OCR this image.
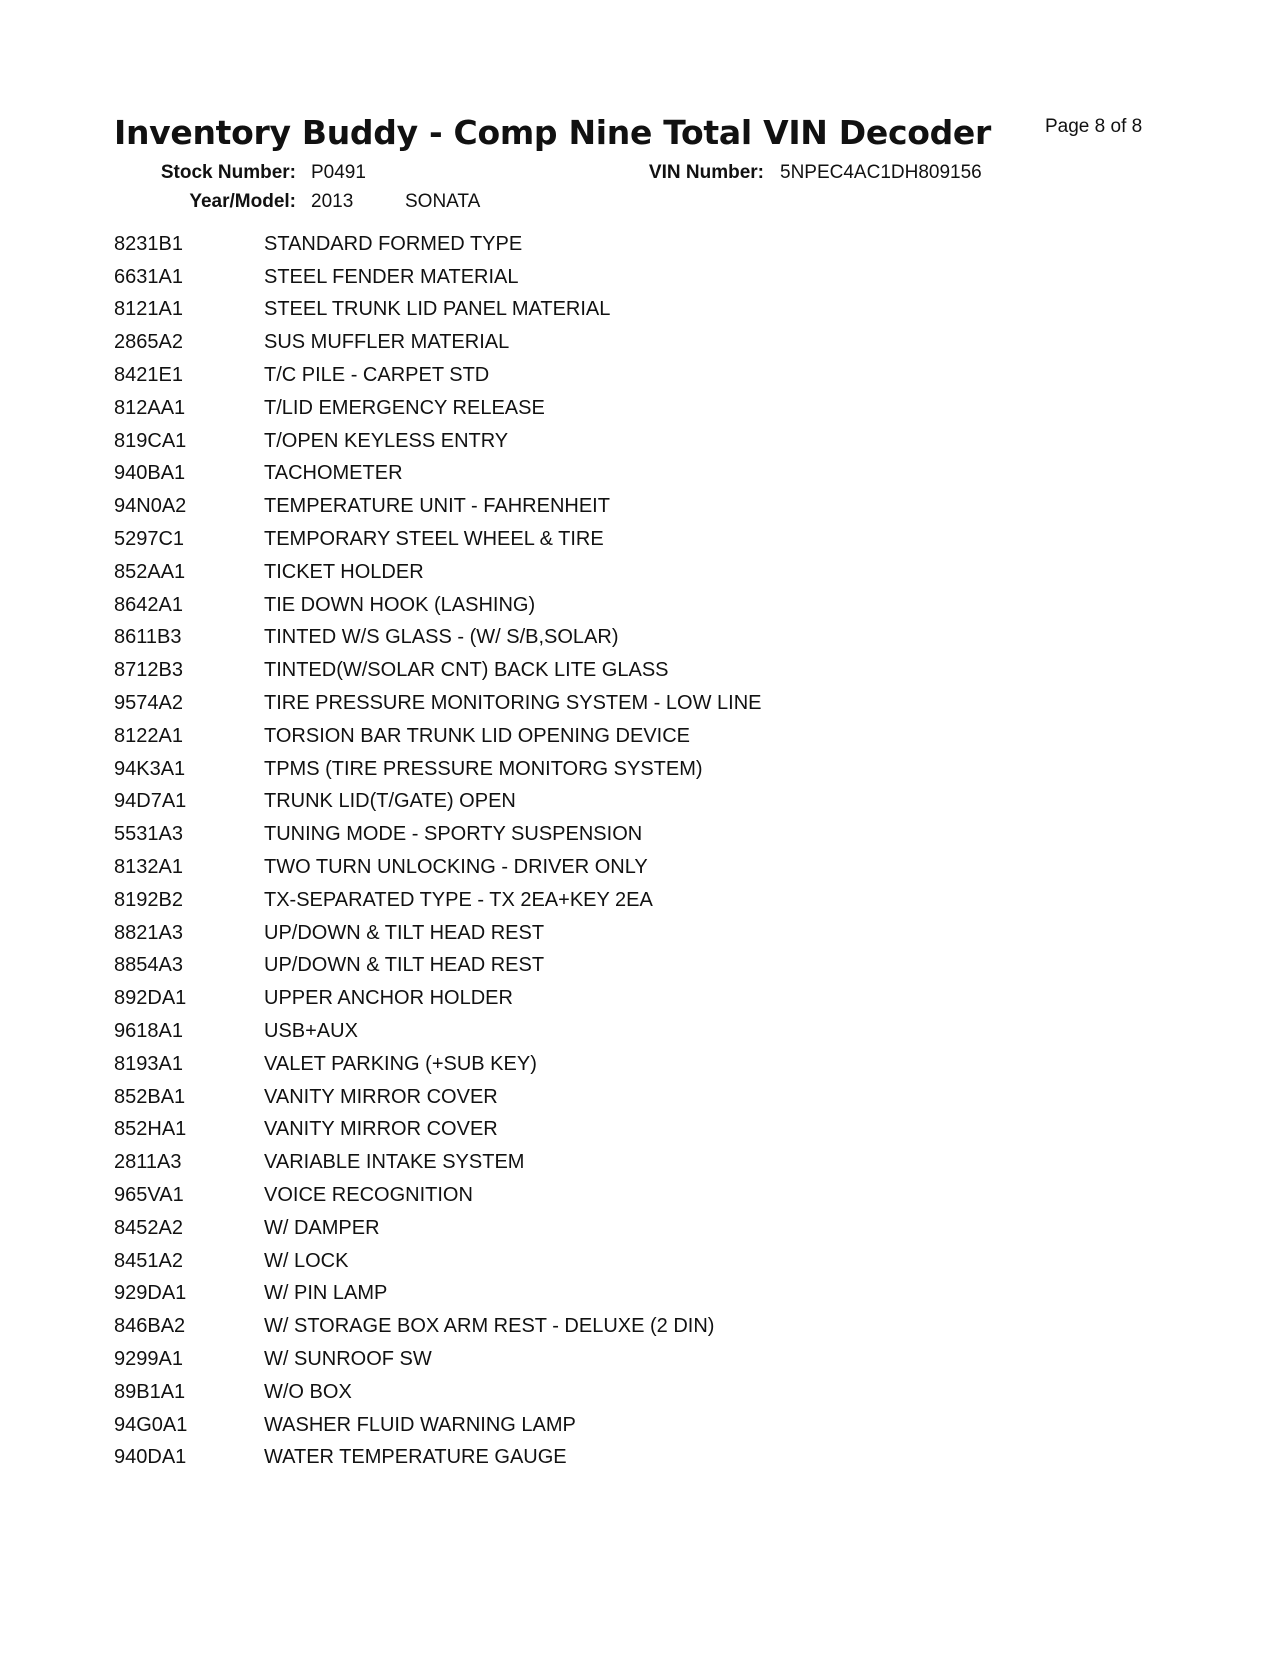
Inventory Buddy - Comp Nine Total VIN Decoder	Page 8 of 8
Stock Number: P0491	VIN Number: 5NPEC4AC1DH809156
Year/Model: 2013	SONATA
8231B1	STANDARD FORMED TYPE
6631A1	STEEL FENDER MATERIAL
8121A1	STEEL TRUNK LID PANEL MATERIAL
2865A2	SUS MUFFLER MATERIAL
8421E1	T/C PILE - CARPET STD
812AA1	T/LID EMERGENCY RELEASE
819CA1	T/OPEN KEYLESS ENTRY
940BA1	TACHOMETER
94N0A2	TEMPERATURE UNIT - FAHRENHEIT
5297C1	TEMPORARY STEEL WHEEL & TIRE
852AA1	TICKET HOLDER
8642A1	TIE DOWN HOOK (LASHING)
8611B3	TINTED W/S GLASS - (W/ S/B,SOLAR)
8712B3	TINTED(W/SOLAR CNT) BACK LITE GLASS
9574A2	TIRE PRESSURE MONITORING SYSTEM - LOW LINE
8122A1	TORSION BAR TRUNK LID OPENING DEVICE
94K3A1	TPMS (TIRE PRESSURE MONITORG SYSTEM)
94D7A1	TRUNK LID(T/GATE) OPEN
5531A3	TUNING MODE - SPORTY SUSPENSION
8132A1	TWO TURN UNLOCKING - DRIVER ONLY
8192B2	TX-SEPARATED TYPE - TX 2EA+KEY 2EA
8821A3	UP/DOWN & TILT HEAD REST
8854A3	UP/DOWN & TILT HEAD REST
892DA1	UPPER ANCHOR HOLDER
9618A1	USB+AUX
8193A1	VALET PARKING (+SUB KEY)
852BA1	VANITY MIRROR COVER
852HA1	VANITY MIRROR COVER
2811A3	VARIABLE INTAKE SYSTEM
965VA1	VOICE RECOGNITION
8452A2	W/ DAMPER
8451A2	W/ LOCK
929DA1	W/ PIN LAMP
846BA2	W/ STORAGE BOX ARM REST - DELUXE (2 DIN)
9299A1	W/ SUNROOF SW
89B1A1	W/O BOX
94G0A1	WASHER FLUID WARNING LAMP
940DA1	WATER TEMPERATURE GAUGE
